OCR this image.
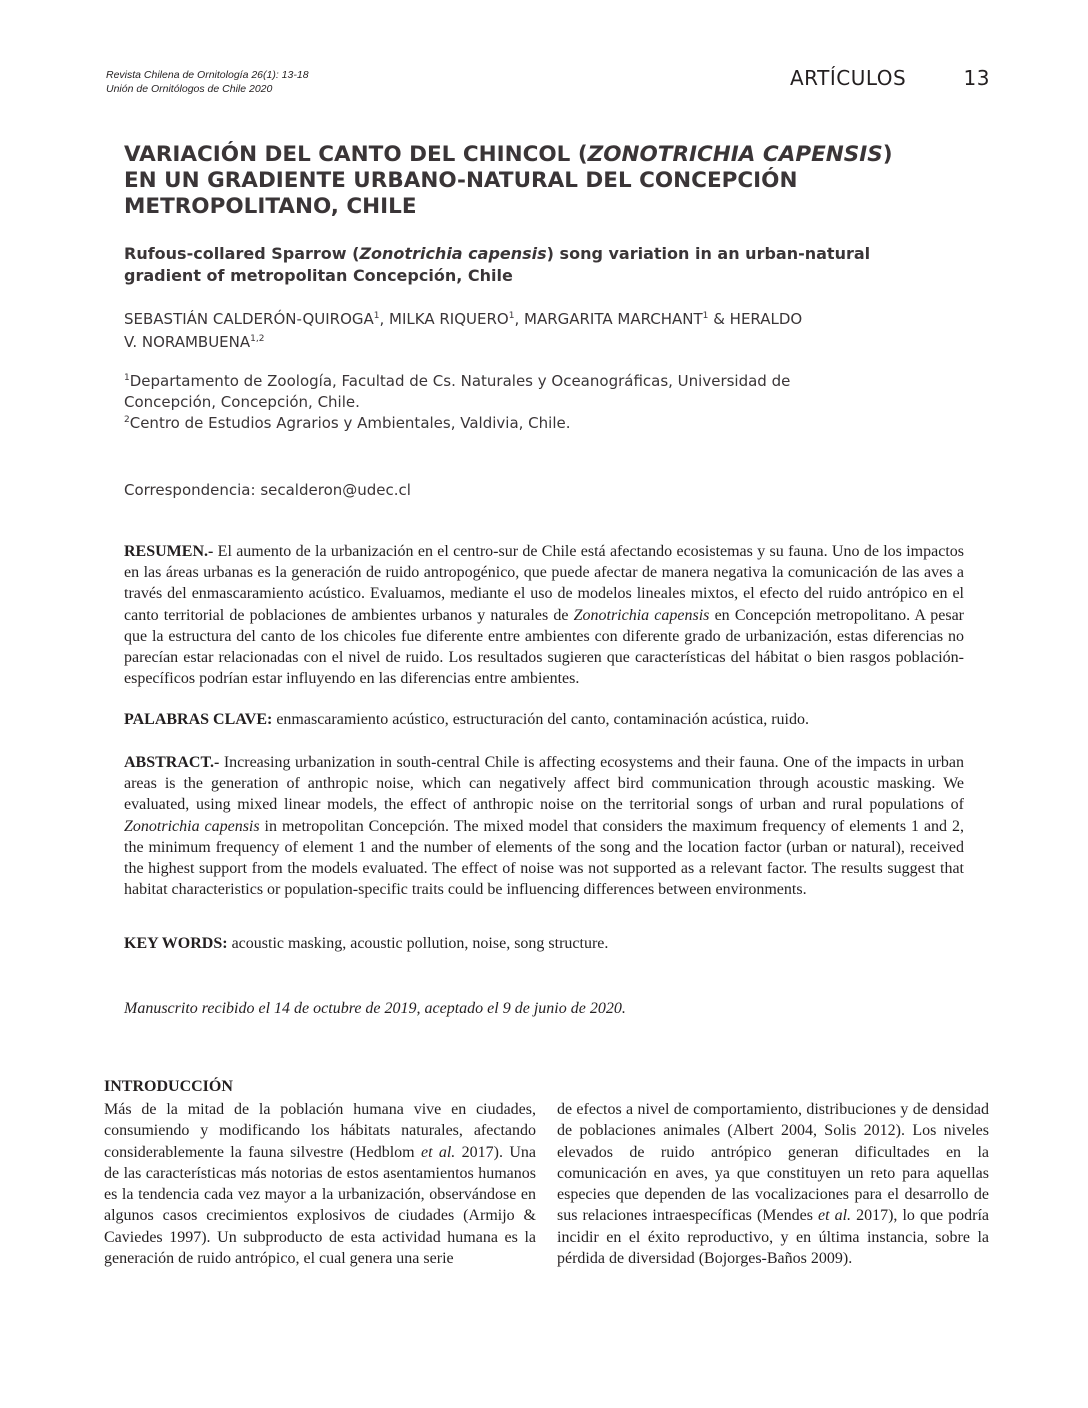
Revista Chilena de Ornitología 26(1): 13-18
Unión de Ornitólogos de Chile 2020	ARTÍCULOS	13
VARIACIÓN DEL CANTO DEL CHINCOL (ZONOTRICHIA CAPENSIS)
EN UN GRADIENTE URBANO-NATURAL DEL CONCEPCIÓN
METROPOLITANO, CHILE
Rufous-collared Sparrow (Zonotrichia capensis) song variation in an urban-natural
gradient of metropolitan Concepción, Chile
SEBASTIÁN CALDERÓN-QUIROGA$^1$, MILKA RIQUERO$^1$, MARGARITA MARCHANT$^1$ & HERALDO
V. NORAMBUENA$^{1,2}$
$^1$Departamento de Zoología, Facultad de Cs. Naturales y Oceanográficas, Universidad de
Concepción, Concepción, Chile.
$^2$Centro de Estudios Agrarios y Ambientales, Valdivia, Chile.
Correspondencia: secalderon@udec.cl
RESUMEN.- El aumento de la urbanización en el centro-sur de Chile está afectando ecosistemas y su fauna. Uno de los impactos en las áreas urbanas es la generación de ruido antropogénico, que puede afectar de manera negativa la comunicación de las aves a través del enmascaramiento acústico. Evaluamos, mediante el uso de modelos lineales mixtos, el efecto del ruido antrópico en el canto territorial de poblaciones de ambientes urbanos y naturales de Zonotrichia capensis en Concepción metropolitano. A pesar que la estructura del canto de los chicoles fue diferente entre ambientes con diferente grado de urbanización, estas diferencias no parecían estar relacionadas con el nivel de ruido. Los resultados sugieren que características del hábitat o bien rasgos población-específicos podrían estar influyendo en las diferencias entre ambientes.
PALABRAS CLAVE: enmascaramiento acústico, estructuración del canto, contaminación acústica, ruido.
ABSTRACT.- Increasing urbanization in south-central Chile is affecting ecosystems and their fauna. One of the impacts in urban areas is the generation of anthropic noise, which can negatively affect bird communication through acoustic masking. We evaluated, using mixed linear models, the effect of anthropic noise on the territorial songs of urban and rural populations of Zonotrichia capensis in metropolitan Concepción. The mixed model that considers the maximum frequency of elements 1 and 2, the minimum frequency of element 1 and the number of elements of the song and the location factor (urban or natural), received the highest support from the models evaluated. The effect of noise was not supported as a relevant factor. The results suggest that habitat characteristics or population-specific traits could be influencing differences between environments.
KEY WORDS: acoustic masking, acoustic pollution, noise, song structure.
Manuscrito recibido el 14 de octubre de 2019, aceptado el 9 de junio de 2020.
INTRODUCCIÓN
Más de la mitad de la población humana vive en ciudades, consumiendo y modificando los hábitats naturales, afectando considerablemente la fauna silvestre (Hedblom et al. 2017). Una de las características más notorias de estos asentamientos humanos es la tendencia cada vez mayor a la urbanización, observándose en algunos casos crecimientos explosivos de ciudades (Armijo & Caviedes 1997). Un subproducto de esta actividad humana es la generación de ruido antrópico, el cual genera una serie
de efectos a nivel de comportamiento, distribuciones y de densidad de poblaciones animales (Albert 2004, Solis 2012). Los niveles elevados de ruido antrópico generan dificultades en la comunicación en aves, ya que constituyen un reto para aquellas especies que dependen de las vocalizaciones para el desarrollo de sus relaciones intraespecíficas (Mendes et al. 2017), lo que podría incidir en el éxito reproductivo, y en última instancia, sobre la pérdida de diversidad (Bojorges-Baños 2009).
